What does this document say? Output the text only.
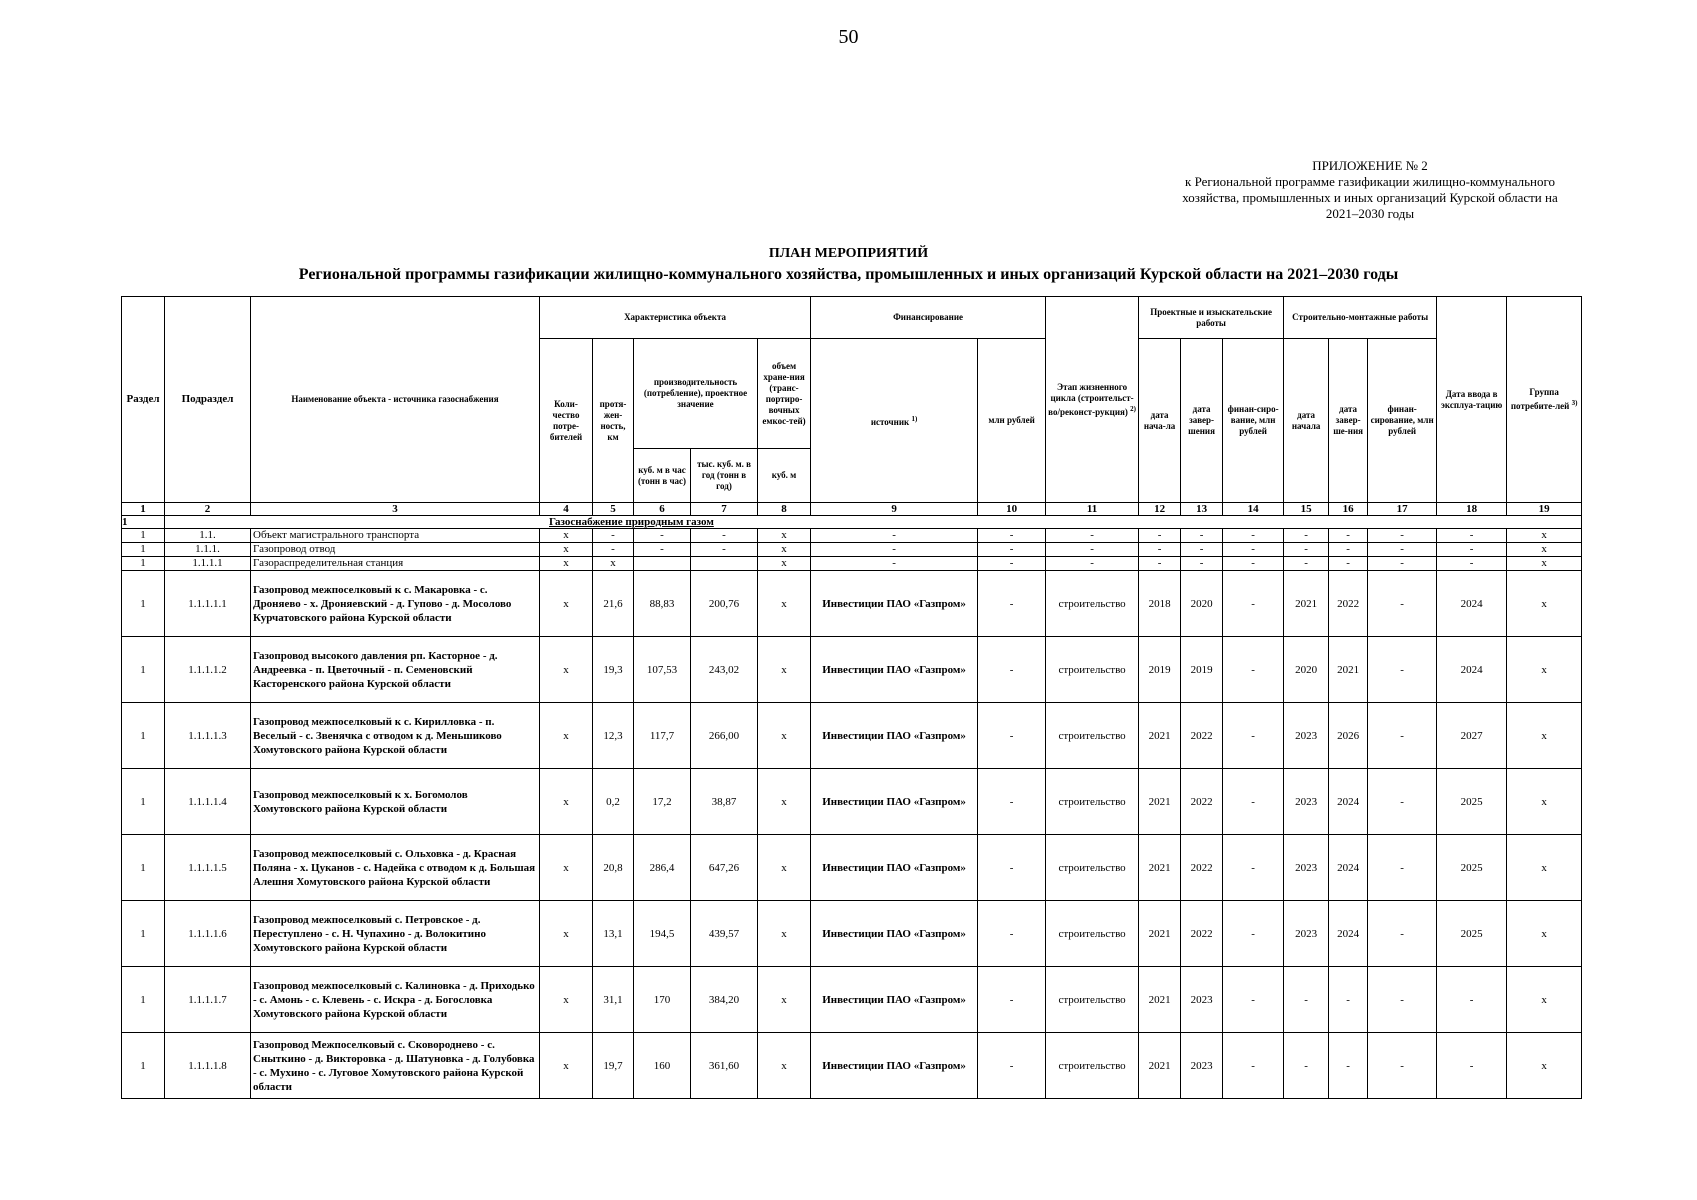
50
ПРИЛОЖЕНИЕ № 2
к Региональной программе газификации жилищно-коммунального
хозяйства, промышленных и иных организаций Курской области на
2021–2030 годы
ПЛАН МЕРОПРИЯТИЙ
Региональной программы газификации жилищно-коммунального хозяйства, промышленных и иных организаций Курской области на 2021–2030 годы
Раздел	Подраздел	Наименование объекта - источника газоснабжения	Характеристика объекта					Финансирование		Этап жизненного цикла (строительст-во/реконст-рукция) $^{2)}$	Проектные и изыскательские работы			Строительно-монтажные работы			Дата ввода в эксплуа-тацию	Группа потребите-лей $^{3)}$
			Коли-чество потре-бителей	протя-жен-ность, км	производительность (потребление), проектное значение		объем хране-ния (транс-портиро-вочных емкос-тей)	источник $^{1)}$	млн рублей		дата нача-ла	дата завер-шения	финан-сиро-вание, млн рублей	дата начала	дата завер-ше-ния	финан-сирование, млн рублей		
					куб. м в час (тонн в час)	тыс. куб. м. в год (тонн в год)	куб. м											
1	2	3	4	5	6	7	8	9	10	11	12	13	14	15	16	17	18	19
1	Газоснабжение природным газом																	
1	1.1.	Объект магистрального транспорта	х	-	-	-	х	-	-	-	-	-	-	-	-	-	-	х
1	1.1.1.	Газопровод отвод	х	-	-	-	х	-	-	-	-	-	-	-	-	-	-	х
1	1.1.1.1	Газораспределительная станция	х	х			х	-	-	-	-	-	-	-	-	-	-	х
1	1.1.1.1.1	Газопровод межпоселковый к с. Макаровка - с. Дроняево - х. Дроняевский - д. Гупово - д. Мосолово Курчатовского района Курской области	х	21,6	88,83	200,76	х	Инвестиции ПАО «Газпром»	-	строительство	2018	2020	-	2021	2022	-	2024	х
1	1.1.1.1.2	Газопровод высокого давления рп. Касторное - д. Андреевка - п. Цветочный - п. Семеновский Касторенского района Курской области	х	19,3	107,53	243,02	х	Инвестиции ПАО «Газпром»	-	строительство	2019	2019	-	2020	2021	-	2024	х
1	1.1.1.1.3	Газопровод межпоселковый к с. Кирилловка - п. Веселый - с. Звенячка с отводом к д. Меньшиково Хомутовского района Курской области	х	12,3	117,7	266,00	х	Инвестиции ПАО «Газпром»	-	строительство	2021	2022	-	2023	2026	-	2027	х
1	1.1.1.1.4	Газопровод межпоселковый к х. Богомолов Хомутовского района Курской области	х	0,2	17,2	38,87	х	Инвестиции ПАО «Газпром»	-	строительство	2021	2022	-	2023	2024	-	2025	х
1	1.1.1.1.5	Газопровод межпоселковый с. Ольховка - д. Красная Поляна - х. Цуканов - с. Надейка с отводом к д. Большая Алешня Хомутовского района Курской области	х	20,8	286,4	647,26	х	Инвестиции ПАО «Газпром»	-	строительство	2021	2022	-	2023	2024	-	2025	х
1	1.1.1.1.6	Газопровод межпоселковый с. Петровское - д. Переступлено - с. Н. Чупахино - д. Волокитино Хомутовского района Курской области	х	13,1	194,5	439,57	х	Инвестиции ПАО «Газпром»	-	строительство	2021	2022	-	2023	2024	-	2025	х
1	1.1.1.1.7	Газопровод межпоселковый с. Калиновка - д. Приходько - с. Амонь - с. Клевень - с. Искра - д. Богословка Хомутовского района Курской области	х	31,1	170	384,20	х	Инвестиции ПАО «Газпром»	-	строительство	2021	2023	-	-	-	-	-	х
1	1.1.1.1.8	Газопровод Межпоселковый с. Сковороднево - с. Сныткино - д. Викторовка - д. Шатуновка - д. Голубовка - с. Мухино - с. Луговое Хомутовского района Курской области	х	19,7	160	361,60	х	Инвестиции ПАО «Газпром»	-	строительство	2021	2023	-	-	-	-	-	х
